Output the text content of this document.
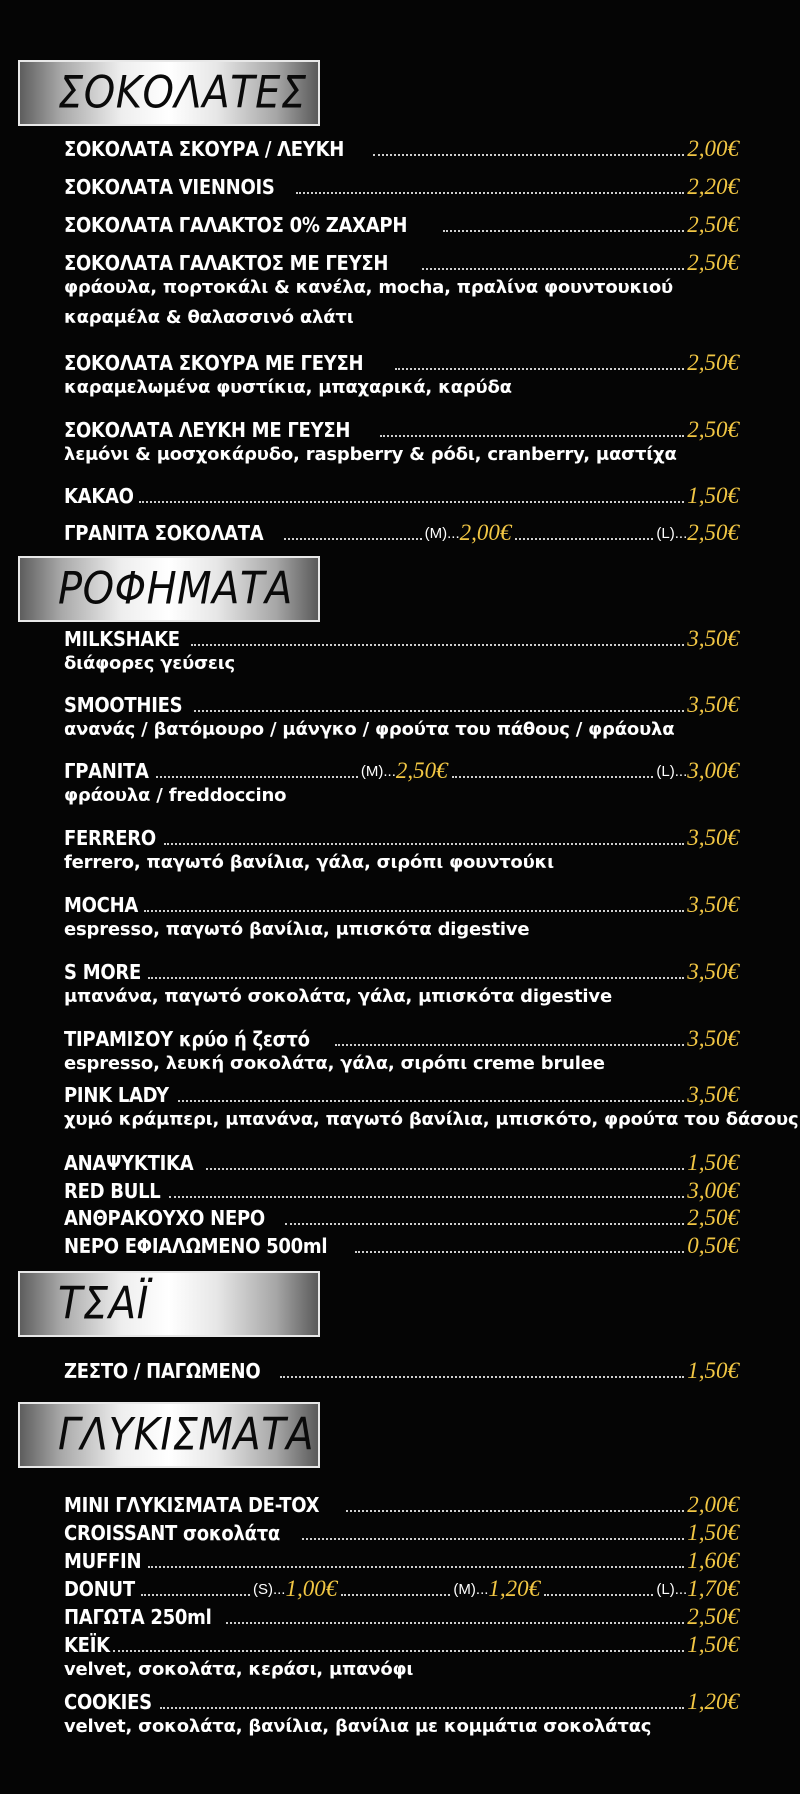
ΣΟΚΟΛΑΤΕΣ
ΣΟΚΟΛΑΤΑ ΣΚΟΥΡΑ / ΛΕΥΚΗ	2,00€
ΣΟΚΟΛΑΤΑ VIENNOIS	2,20€
ΣΟΚΟΛΑΤΑ ΓΑΛΑΚΤΟΣ 0% ΖΑΧΑΡΗ	2,50€
ΣΟΚΟΛΑΤΑ ΓΑΛΑΚΤΟΣ ΜΕ ΓΕΥΣΗ	2,50€
φράουλα, πορτοκάλι & κανέλα, mocha, πραλίνα φουντουκιού
καραμέλα & θαλασσινό αλάτι
ΣΟΚΟΛΑΤΑ ΣΚΟΥΡΑ ΜΕ ΓΕΥΣΗ	2,50€
καραμελωμένα φυστίκια, μπαχαρικά, καρύδα
ΣΟΚΟΛΑΤΑ ΛΕΥΚΗ ΜΕ ΓΕΥΣΗ	2,50€
λεμόνι & μοσχοκάρυδο, raspberry & ρόδι, cranberry, μαστίχα
ΚΑΚΑΟ	1,50€
ΓΡΑΝΙΤΑ ΣΟΚΟΛΑΤΑ	(M)... 2,00€	(L)... 2,50€
ΡΟΦΗΜΑΤΑ
MILKSHAKE	3,50€
διάφορες γεύσεις
SMOOTHIES	3,50€
ανανάς / βατόμουρο / μάνγκο / φρούτα του πάθους / φράουλα
ΓΡΑΝΙΤΑ	(M)... 2,50€	(L)... 3,00€
φράουλα / freddoccino
FERRERO	3,50€
ferrero, παγωτό βανίλια, γάλα, σιρόπι φουντούκι
MOCHA	3,50€
espresso, παγωτό βανίλια, μπισκότα digestive
S MORE	3,50€
μπανάνα, παγωτό σοκολάτα, γάλα, μπισκότα digestive
ΤΙΡΑΜΙΣΟΥ κρύο ή ζεστό	3,50€
espresso, λευκή σοκολάτα, γάλα, σιρόπι creme brulee
PINK LADY	3,50€
χυμό κράμπερι, μπανάνα, παγωτό βανίλια, μπισκότο, φρούτα του δάσους
ΑΝΑΨΥΚΤΙΚΑ	1,50€
RED BULL	3,00€
ΑΝΘΡΑΚΟΥΧΟ ΝΕΡΟ	2,50€
ΝΕΡΟ ΕΦΙΑΛΩΜΕΝΟ 500ml	0,50€
ΤΣΑΪ
ΖΕΣΤΟ / ΠΑΓΩΜΕΝΟ	1,50€
ΓΛΥΚΙΣΜΑΤΑ
ΜΙΝΙ ΓΛΥΚΙΣΜΑΤΑ DE-TOX	2,00€
CROISSANT σοκολάτα	1,50€
MUFFIN	1,60€
DONUT	(S)... 1,00€	(M)... 1,20€	(L)... 1,70€
ΠΑΓΩΤΑ 250ml	2,50€
ΚΕΪΚ	1,50€
velvet, σοκολάτα, κεράσι, μπανόφι
COOKIES	1,20€
velvet, σοκολάτα, βανίλια, βανίλια με κομμάτια σοκολάτας
